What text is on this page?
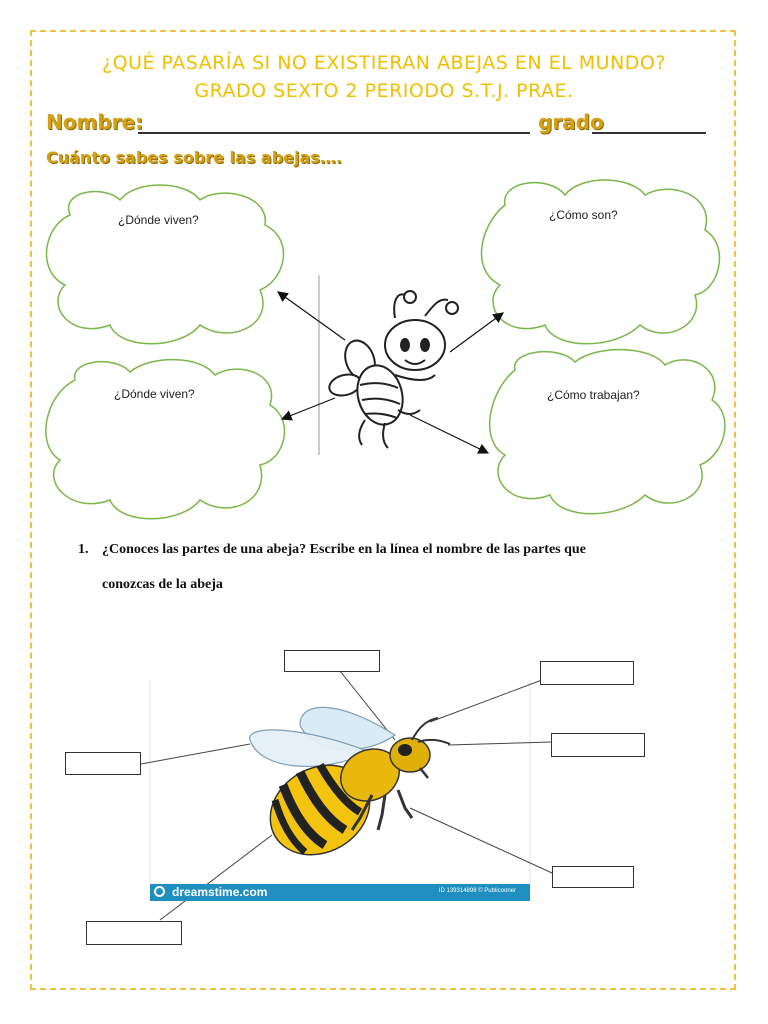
¿QUÉ PASARÍA SI NO EXISTIERAN ABEJAS EN EL MUNDO?
GRADO SEXTO 2 PERIODO S.T.J. PRAE.
Nombre:	grado
Cuánto sabes sobre las abejas….
¿Dónde viven?	¿Cómo son?
¿Dónde viven?	¿Cómo trabajan?
1. ¿Conoces las partes de una abeja? Escribe en la línea el nombre de las partes que
conozcas de la abeja
dreamstime.com	ID 139314898 © Publicooner
